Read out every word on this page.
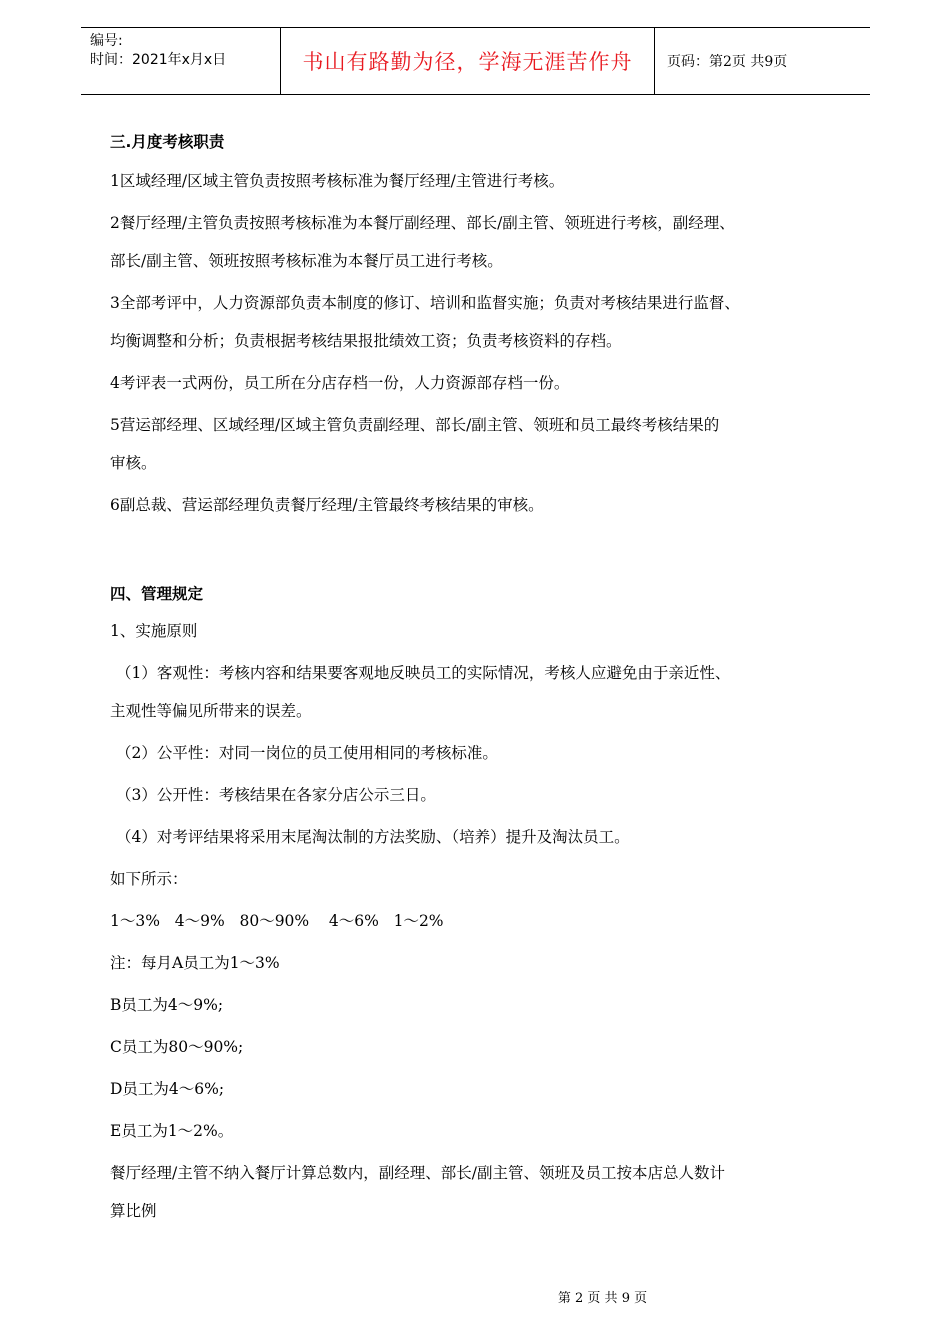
编号:
时间：2021年x月x日	书山有路勤为径，学海无涯苦作舟	页码：第2页 共9页

三.月度考核职责

1区域经理/区域主管负责按照考核标准为餐厅经理/主管进行考核。

2餐厅经理/主管负责按照考核标准为本餐厅副经理、部长/副主管、领班进行考核，副经理、

部长/副主管、领班按照考核标准为本餐厅员工进行考核。

3全部考评中，人力资源部负责本制度的修订、培训和监督实施；负责对考核结果进行监督、

均衡调整和分析；负责根据考核结果报批绩效工资；负责考核资料的存档。

4考评表一式两份，员工所在分店存档一份，人力资源部存档一份。

5营运部经理、区域经理/区域主管负责副经理、部长/副主管、领班和员工最终考核结果的

审核。

6副总裁、营运部经理负责餐厅经理/主管最终考核结果的审核。

四、管理规定

1、实施原则

（1）客观性：考核内容和结果要客观地反映员工的实际情况，考核人应避免由于亲近性、

主观性等偏见所带来的误差。

（2）公平性：对同一岗位的员工使用相同的考核标准。

（3）公开性：考核结果在各家分店公示三日。

（4）对考评结果将采用末尾淘汰制的方法奖励、（培养）提升及淘汰员工。

如下所示：

1～3%   4～9%   80～90%    4～6%   1～2%

注：每月A员工为1～3%

B员工为4～9%;

C员工为80～90%;

D员工为4～6%;

E员工为1～2%。

餐厅经理/主管不纳入餐厅计算总数内，副经理、部长/副主管、领班及员工按本店总人数计

算比例

第 2 页 共 9 页
